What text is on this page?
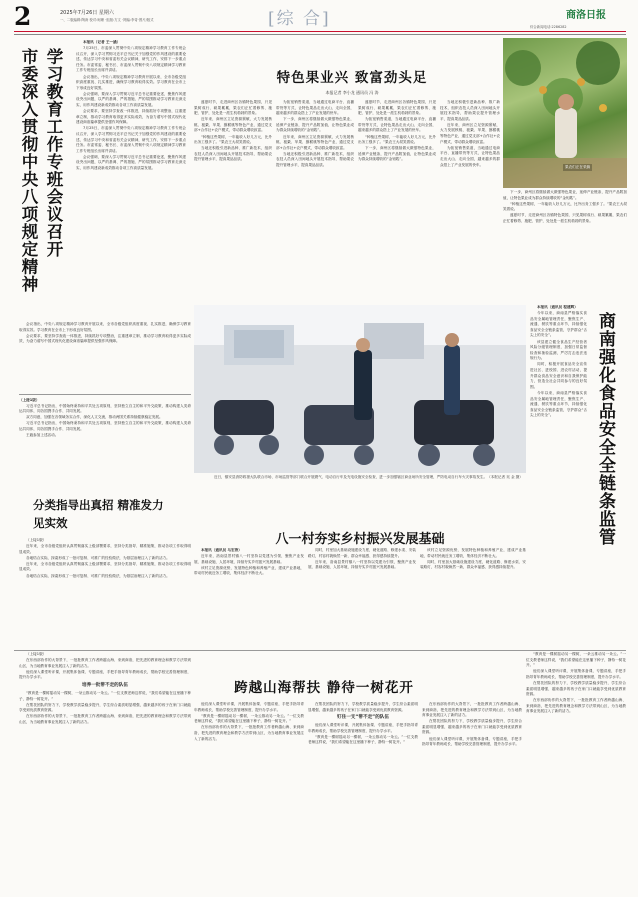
2	2025年7月26日 星期六
一、二版编辑:陶涛 校对:柯珊 ·组版:方文 ·网编:李奇·图片/版式	[综 合]	商洛日报
综合新闻电话:2286282
市委深入贯彻中央八项规定精神 学习教育工作专班会议召开

本报讯（记者 王一涵）

7月25日，市委深入贯彻中央八项规定精神学习教育工作专班会议召开，深入学习贯彻习近平总书记关于加强党的作风建设的重要论述，传达学习中央和省委有关会议精神，研究工作，安排下一步重点任务。市委常委、秘书长、市委深入贯彻中央八项规定精神学习教育工作专班组长出席并讲话。

会议指出，中央八项规定精神学习教育开展以来，全市各级党组织高度重视、扎实推进，确保学习教育取得实效。学习教育在全市上下形成良好氛围。

会议强调，要深入学习贯彻习近平总书记重要论述，聚焦作风建设突出问题，以严的基调、严的措施、严的氛围推动学习教育走深走实，用作风建设新成效推动各项工作高质量发展。

会议要求，要坚持学查改一体推进，持续抓好专项整治，注重建章立制，推动学习教育取得更多实际成效，为奋力谱写中国式现代化建设商洛篇章提供坚强作风保障。

7月25日，市委深入贯彻中央八项规定精神学习教育工作专班会议召开，深入学习贯彻习近平总书记关于加强党的作风建设的重要论述，传达学习中央和省委有关会议精神，研究工作，安排下一步重点任务。市委常委、秘书长、市委深入贯彻中央八项规定精神学习教育工作专班组长出席并讲话。

会议强调，要深入学习贯彻习近平总书记重要论述，聚焦作风建设突出问题，以严的基调、严的措施、严的氛围推动学习教育走深走实，用作风建设新成效推动各项工作高质量发展。

会议指出，中央八项规定精神学习教育开展以来，全市各级党组织高度重视、扎实推进，确保学习教育取得实效。学习教育在全市上下形成良好氛围。

会议要求，要坚持学查改一体推进，持续抓好专项整治，注重建章立制，推动学习教育取得更多实际成效，为奋力谱写中国式现代化建设商洛篇章提供坚强作风保障。

（上接1版）

习近平总书记指出，中国始终秉持和平共处五项原则，坚持独立自主的和平外交政策，推动构建人类命运共同体，同各国携手合作、共同发展。

双方同意，加强在各领域务实合作，深化人文交流，推动两国关系持续健康稳定发展。

习近平总书记指出，中国始终秉持和平共处五项原则，坚持独立自主的和平外交政策，推动构建人类命运共同体，同各国携手合作、共同发展。

王毅参加上述活动。

特色果业兴 致富劲头足
本报记者 李小龙 通讯员 冯 涛

盛夏时节，走进商州区各镇特色果园，只见果树成行、硕果累累，果农们正忙着修剪、施肥、管护，处处是一派生机勃勃的景象。

近年来，商州区立足资源禀赋，大力发展核桃、板栗、苹果、猕猴桃等特色产业，通过党支部+合作社+农户模式，带动群众增收致富。

“种植这些果树，一年能收入好几万元，比外出务工强多了。”果农王大叔笑着说。

当地还积极引进新品种、推广新技术，组织农技人员深入田间地头开展技术指导，帮助果农提升管理水平，提高果品品质。

为拓宽销售渠道，当地通过电商平台、直播带货等方式，让特色果品走出大山、走向全国，越来越多的群众搭上了产业发展的快车。

下一步，商州区将继续做大做强特色果业，延伸产业链条，提升产品附加值，让特色果业成为群众持续增收的“金钥匙”。

近年来，商州区立足资源禀赋，大力发展核桃、板栗、苹果、猕猴桃等特色产业，通过党支部+合作社+农户模式，带动群众增收致富。

当地还积极引进新品种、推广新技术，组织农技人员深入田间地头开展技术指导，帮助果农提升管理水平，提高果品品质。

盛夏时节，走进商州区各镇特色果园，只见果树成行、硕果累累，果农们正忙着修剪、施肥、管护，处处是一派生机勃勃的景象。

为拓宽销售渠道，当地通过电商平台、直播带货等方式，让特色果品走出大山、走向全国，越来越多的群众搭上了产业发展的快车。

“种植这些果树，一年能收入好几万元，比外出务工强多了。”果农王大叔笑着说。

下一步，商州区将继续做大做强特色果业，延伸产业链条，提升产品附加值，让特色果业成为群众持续增收的“金钥匙”。

当地还积极引进新品种、推广新技术，组织农技人员深入田间地头开展技术指导，帮助果农提升管理水平，提高果品品质。

近年来，商州区立足资源禀赋，大力发展核桃、板栗、苹果、猕猴桃等特色产业，通过党支部+合作社+农户模式，带动群众增收致富。

为拓宽销售渠道，当地通过电商平台、直播带货等方式，让特色果品走出大山、走向全国，越来越多的群众搭上了产业发展的快车。

果农们正在采摘

下一步，商州区将继续做大做强特色果业，延伸产业链条，提升产品附加值，让特色果业成为群众持续增收的“金钥匙”。

“种植这些果树，一年能收入好几万元，比外出务工强多了。”果农王大叔笑着说。

盛夏时节，走进商州区各镇特色果园，只见果树成行、硕果累累，果农们正忙着修剪、施肥、管护，处处是一派生机勃勃的景象。

近日，镇安县消防救援大队联合市场、市场监管等部门联合开展燃气、电动自行车及充电设施安全检查，进一步加强辖区商业场所安全管理，严防电动自行车火灾事故发生。（本报记者 吴 金 摄）
分类指导出真招 精准发力见实效

（上接1版）

近年来，全市各级党组织认真贯彻落实上级部署要求，坚持分类指导、精准施策，推动各项工作取得明显成效。

各地结合实际，探索形成了一批可复制、可推广的经验做法，为基层治理注入了新的活力。

近年来，全市各级党组织认真贯彻落实上级部署要求，坚持分类指导、精准施策，推动各项工作取得明显成效。

各地结合实际，探索形成了一批可复制、可推广的经验做法，为基层治理注入了新的活力。

八一村夯实乡村振兴发展基础

本报讯（通讯员 马宏涛）

近年来，洛南县景村镇八一村坚持以党建为引领，聚焦产业发展、基础设施、人居环境，持续夯实乡村振兴发展基础。

该村立足资源优势，发展特色种植和养殖产业，建成产业基地，带动村民就近务工增收，集体经济不断壮大。

同时，村里加大基础设施建设力度，硬化道路、修建水渠、安装路灯，村容村貌焕然一新，群众幸福感、获得感持续提升。

近年来，洛南县景村镇八一村坚持以党建为引领，聚焦产业发展、基础设施、人居环境，持续夯实乡村振兴发展基础。

该村立足资源优势，发展特色种植和养殖产业，建成产业基地，带动村民就近务工增收，集体经济不断壮大。

同时，村里加大基础设施建设力度，硬化道路、修建水渠、安装路灯，村容村貌焕然一新，群众幸福感、获得感持续提升。

本报讯（通讯员 程建辉）

今年以来，商南县严格落实食品安全属地管理责任，聚焦生产、流通、餐饮等重点环节，持续强化食品安全全链条监管，守护群众“舌尖上的安全”。

该县建立健全食品生产经营者风险分级管理制度，加强日常监督检查和抽检监测，严厉打击违法违规行为。

同时，积极开展食品安全宣传进社区、进校园、进农村活动，提升群众食品安全意识和自我保护能力，营造全社会共同参与的良好氛围。

今年以来，商南县严格落实食品安全属地管理责任，聚焦生产、流通、餐饮等重点环节，持续强化食品安全全链条监管，守护群众“舌尖上的安全”。	商南强化食品安全全链条监管
跨越山海帮扶 静待一树花开

（上接1版）

在东西部协作的大背景下，一批批教育工作者跨越山海、来到商洛，把先进的教育理念和教学方法带到山区，为当地教育事业发展注入了新的活力。

他们深入课堂听评课，开展集体备课、专题讲座，手把手指导青年教师成长，帮助学校完善管理制度，提升办学水平。

培养一批带不走的队伍

“教育是一棵树摇动另一棵树，一朵云推动另一朵云。”一位支教老师这样说，“我们希望能在这里播下种子，静待一树花开。”

在帮扶团队的努力下，学校教学质量稳步提升，学生综合素质明显增强，越来越多的孩子在家门口就能享受到优质教育资源。

在东西部协作的大背景下，一批批教育工作者跨越山海、来到商洛，把先进的教育理念和教学方法带到山区，为当地教育事业发展注入了新的活力。

他们深入课堂听评课，开展集体备课、专题讲座，手把手指导青年教师成长，帮助学校完善管理制度，提升办学水平。

“教育是一棵树摇动另一棵树，一朵云推动另一朵云。”一位支教老师这样说，“我们希望能在这里播下种子，静待一树花开。”

在东西部协作的大背景下，一批批教育工作者跨越山海、来到商洛，把先进的教育理念和教学方法带到山区，为当地教育事业发展注入了新的活力。

在帮扶团队的努力下，学校教学质量稳步提升，学生综合素质明显增强，越来越多的孩子在家门口就能享受到优质教育资源。

钉住一支“带不走”的队伍

他们深入课堂听评课，开展集体备课、专题讲座，手把手指导青年教师成长，帮助学校完善管理制度，提升办学水平。

“教育是一棵树摇动另一棵树，一朵云推动另一朵云。”一位支教老师这样说，“我们希望能在这里播下种子，静待一树花开。”

在东西部协作的大背景下，一批批教育工作者跨越山海、来到商洛，把先进的教育理念和教学方法带到山区，为当地教育事业发展注入了新的活力。

在帮扶团队的努力下，学校教学质量稳步提升，学生综合素质明显增强，越来越多的孩子在家门口就能享受到优质教育资源。

他们深入课堂听评课，开展集体备课、专题讲座，手把手指导青年教师成长，帮助学校完善管理制度，提升办学水平。

“教育是一棵树摇动另一棵树，一朵云推动另一朵云。”一位支教老师这样说，“我们希望能在这里播下种子，静待一树花开。”

他们深入课堂听评课，开展集体备课、专题讲座，手把手指导青年教师成长，帮助学校完善管理制度，提升办学水平。

在帮扶团队的努力下，学校教学质量稳步提升，学生综合素质明显增强，越来越多的孩子在家门口就能享受到优质教育资源。

在东西部协作的大背景下，一批批教育工作者跨越山海、来到商洛，把先进的教育理念和教学方法带到山区，为当地教育事业发展注入了新的活力。
